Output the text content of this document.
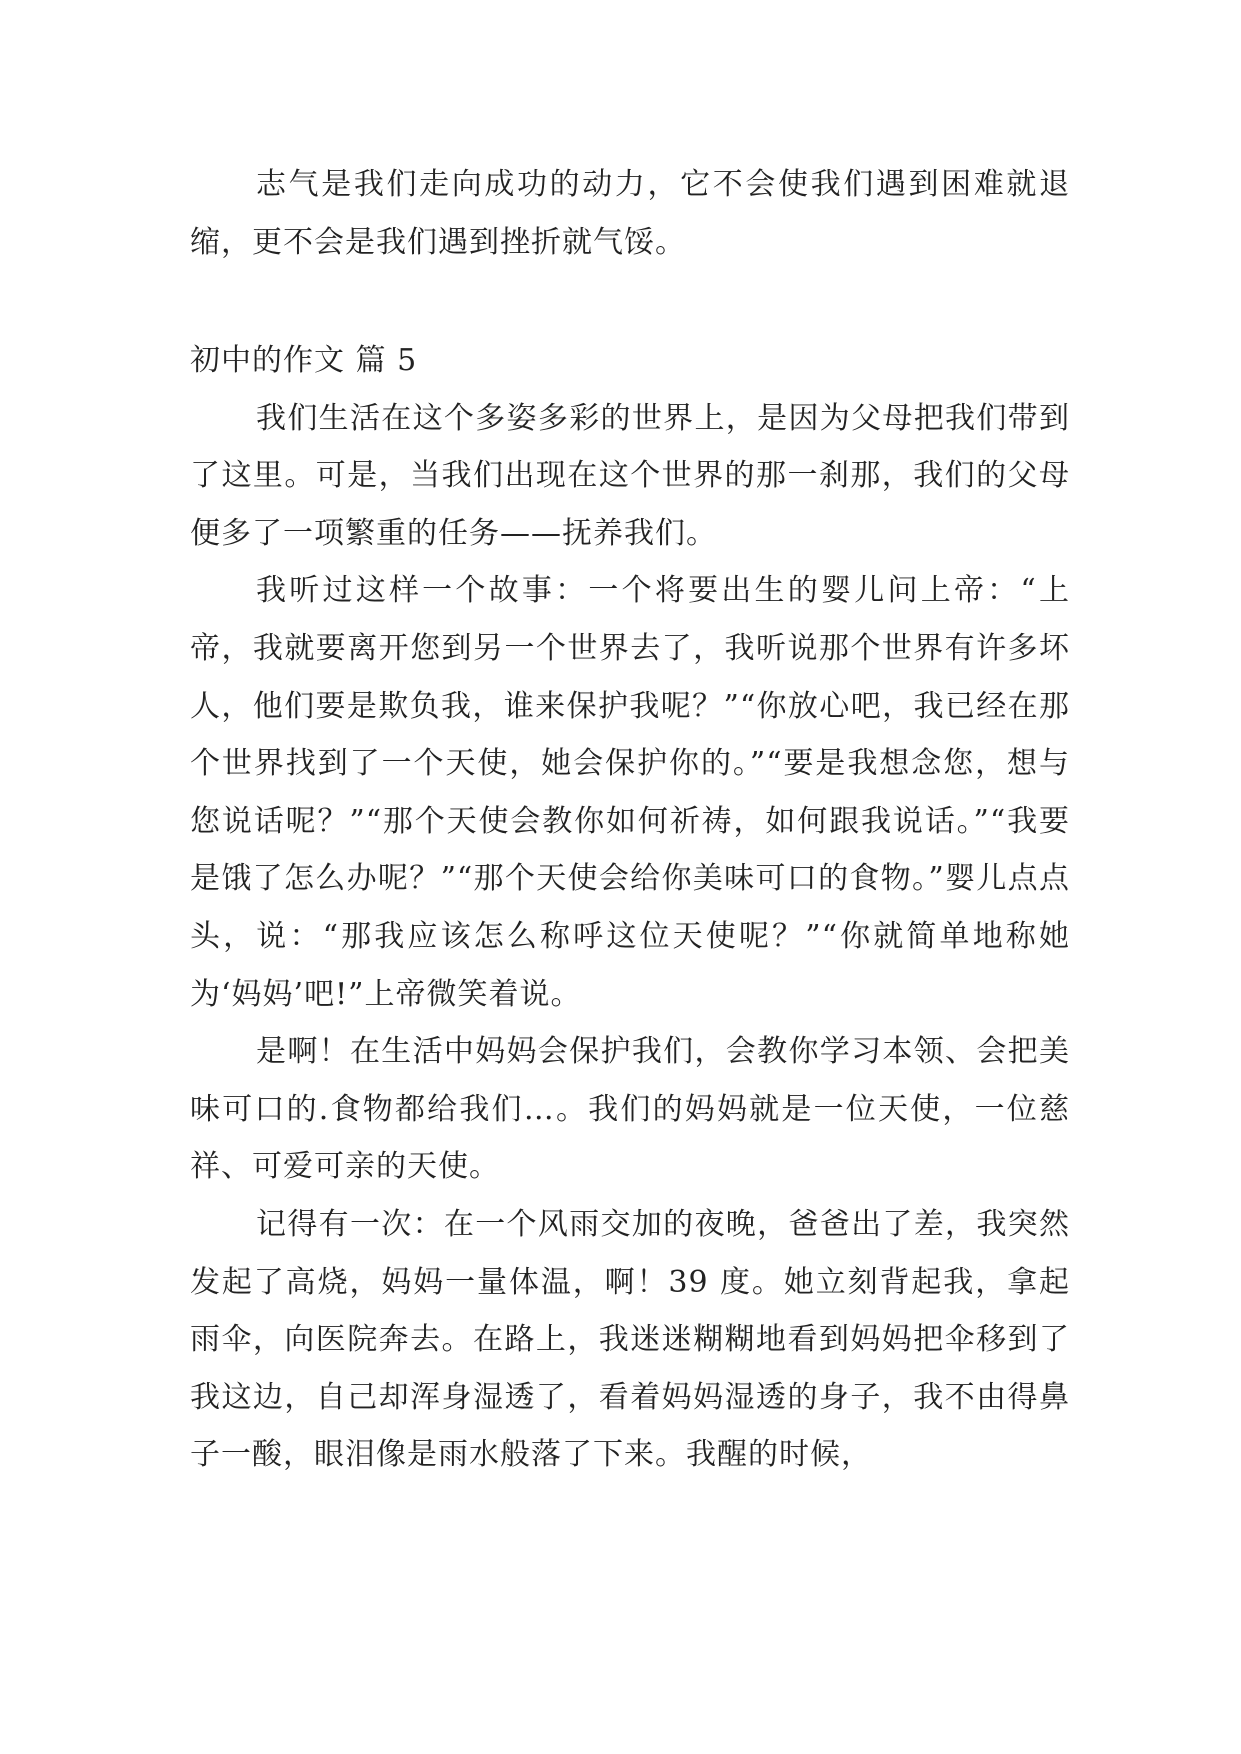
志气是我们走向成功的动力，它不会使我们遇到困难就退缩，更不会是我们遇到挫折就气馁。

初中的作文 篇 5

我们生活在这个多姿多彩的世界上，是因为父母把我们带到了这里。可是，当我们出现在这个世界的那一刹那，我们的父母便多了一项繁重的任务——抚养我们。

我听过这样一个故事：一个将要出生的婴儿问上帝：“上帝，我就要离开您到另一个世界去了，我听说那个世界有许多坏人，他们要是欺负我，谁来保护我呢？”“你放心吧，我已经在那个世界找到了一个天使，她会保护你的。”“要是我想念您，想与您说话呢？”“那个天使会教你如何祈祷，如何跟我说话。”“我要是饿了怎么办呢？”“那个天使会给你美味可口的食物。”婴儿点点头，说：“那我应该怎么称呼这位天使呢？”“你就简单地称她为‘妈妈’吧!”上帝微笑着说。

是啊！在生活中妈妈会保护我们，会教你学习本领、会把美味可口的.食物都给我们…。我们的妈妈就是一位天使，一位慈祥、可爱可亲的天使。

记得有一次：在一个风雨交加的夜晚，爸爸出了差，我突然发起了高烧，妈妈一量体温，啊！39 度。她立刻背起我，拿起雨伞，向医院奔去。在路上，我迷迷糊糊地看到妈妈把伞移到了我这边，自己却浑身湿透了，看着妈妈湿透的身子，我不由得鼻子一酸，眼泪像是雨水般落了下来。我醒的时候，
